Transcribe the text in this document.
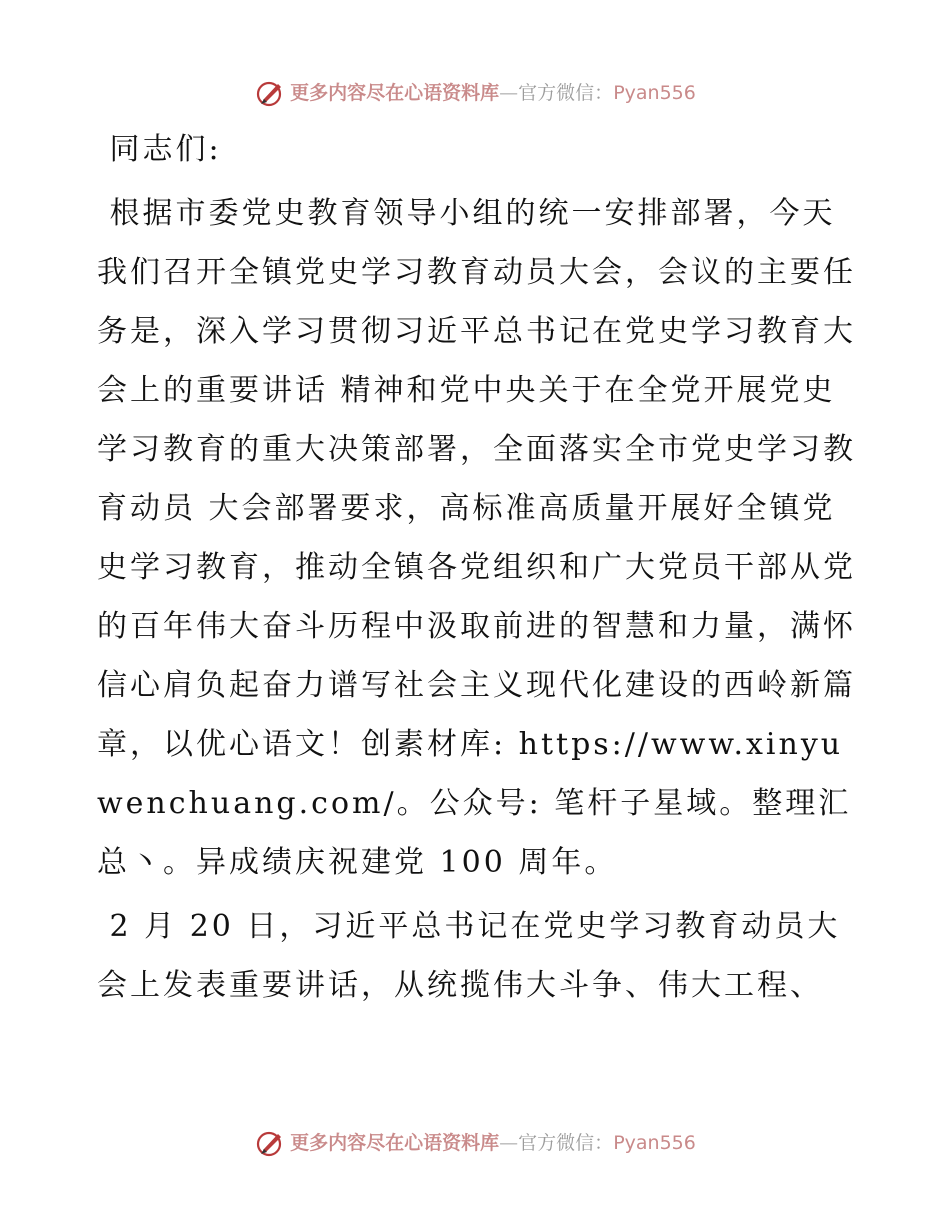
更多内容尽在心语资料库—官方微信：Pyan556

同志们:

根据市委党史教育领导小组的统一安排部署，今天我们召开全镇党史学习教育动员大会，会议的主要任务是，深入学习贯彻习近平总书记在党史学习教育大会上的重要讲话 精神和党中央关于在全党开展党史学习教育的重大决策部署，全面落实全市党史学习教育动员 大会部署要求，高标准高质量开展好全镇党史学习教育，推动全镇各党组织和广大党员干部从党的百年伟大奋斗历程中汲取前进的智慧和力量，满怀信心肩负起奋力谱写社会主义现代化建设的西岭新篇章，以优心语文！创素材库: https://www.xinyuwenchuang.com/。公众号: 笔杆子星域。整理汇总丶。异成绩庆祝建党 100 周年。

2 月 20 日，习近平总书记在党史学习教育动员大会上发表重要讲话，从统揽伟大斗争、伟大工程、

更多内容尽在心语资料库—官方微信：Pyan556
